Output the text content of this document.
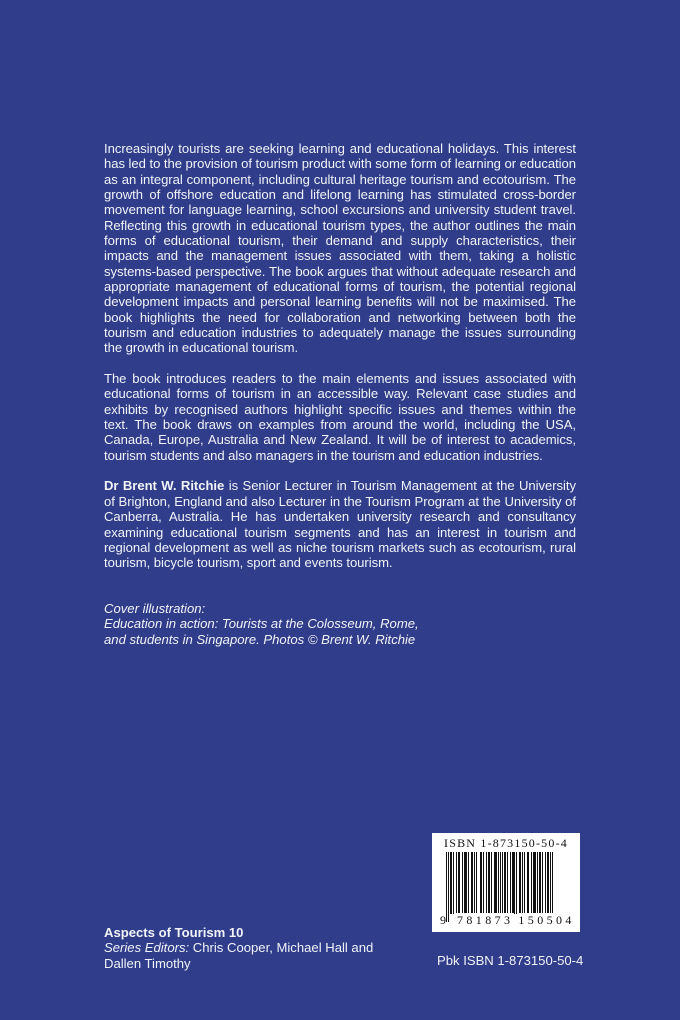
Increasingly tourists are seeking learning and educational holidays. This interest has led to the provision of tourism product with some form of learning or education as an integral component, including cultural heritage tourism and ecotourism. The growth of offshore education and lifelong learning has stimulated cross-border movement for language learning, school excursions and university student travel. Reflecting this growth in educational tourism types, the author outlines the main forms of educational tourism, their demand and supply characteristics, their impacts and the management issues associated with them, taking a holistic systems-based perspective. The book argues that without adequate research and appropriate management of educational forms of tourism, the potential regional development impacts and personal learning benefits will not be maximised. The book highlights the need for collaboration and networking between both the tourism and education industries to adequately manage the issues surrounding the growth in educational tourism.

The book introduces readers to the main elements and issues associated with educational forms of tourism in an accessible way. Relevant case studies and exhibits by recognised authors highlight specific issues and themes within the text. The book draws on examples from around the world, including the USA, Canada, Europe, Australia and New Zealand. It will be of interest to academics, tourism students and also managers in the tourism and education industries.

Dr Brent W. Ritchie is Senior Lecturer in Tourism Management at the University of Brighton, England and also Lecturer in the Tourism Program at the University of Canberra, Australia. He has undertaken university research and consultancy examining educational tourism segments and has an interest in tourism and regional development as well as niche tourism markets such as ecotourism, rural tourism, bicycle tourism, sport and events tourism.

Cover illustration:
Education in action: Tourists at the Colosseum, Rome,
and students in Singapore. Photos © Brent W. Ritchie
ISBN 1-873150-50-4
9 781873 150504
Aspects of Tourism 10
Series Editors: Chris Cooper, Michael Hall and
Dallen Timothy	Pbk ISBN 1-873150-50-4
